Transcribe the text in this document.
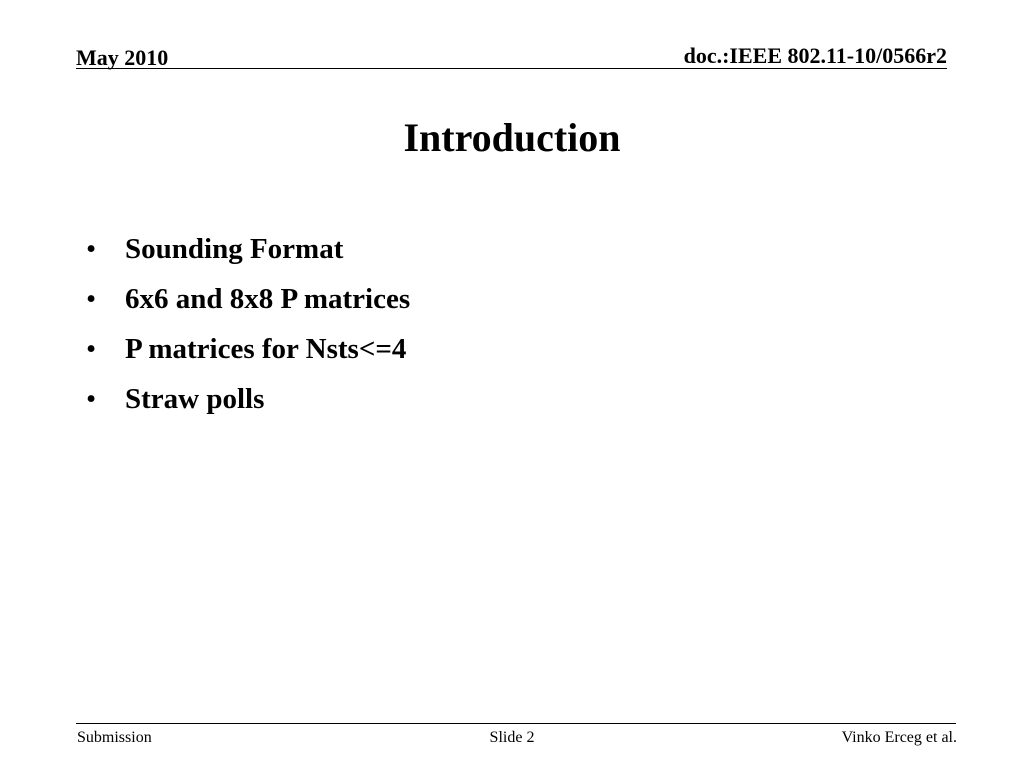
May 2010	doc.:IEEE 802.11-10/0566r2
Introduction
• Sounding Format
• 6x6 and 8x8 P matrices
• P matrices for Nsts<=4
• Straw polls
Submission	Slide 2	Vinko Erceg et al.
